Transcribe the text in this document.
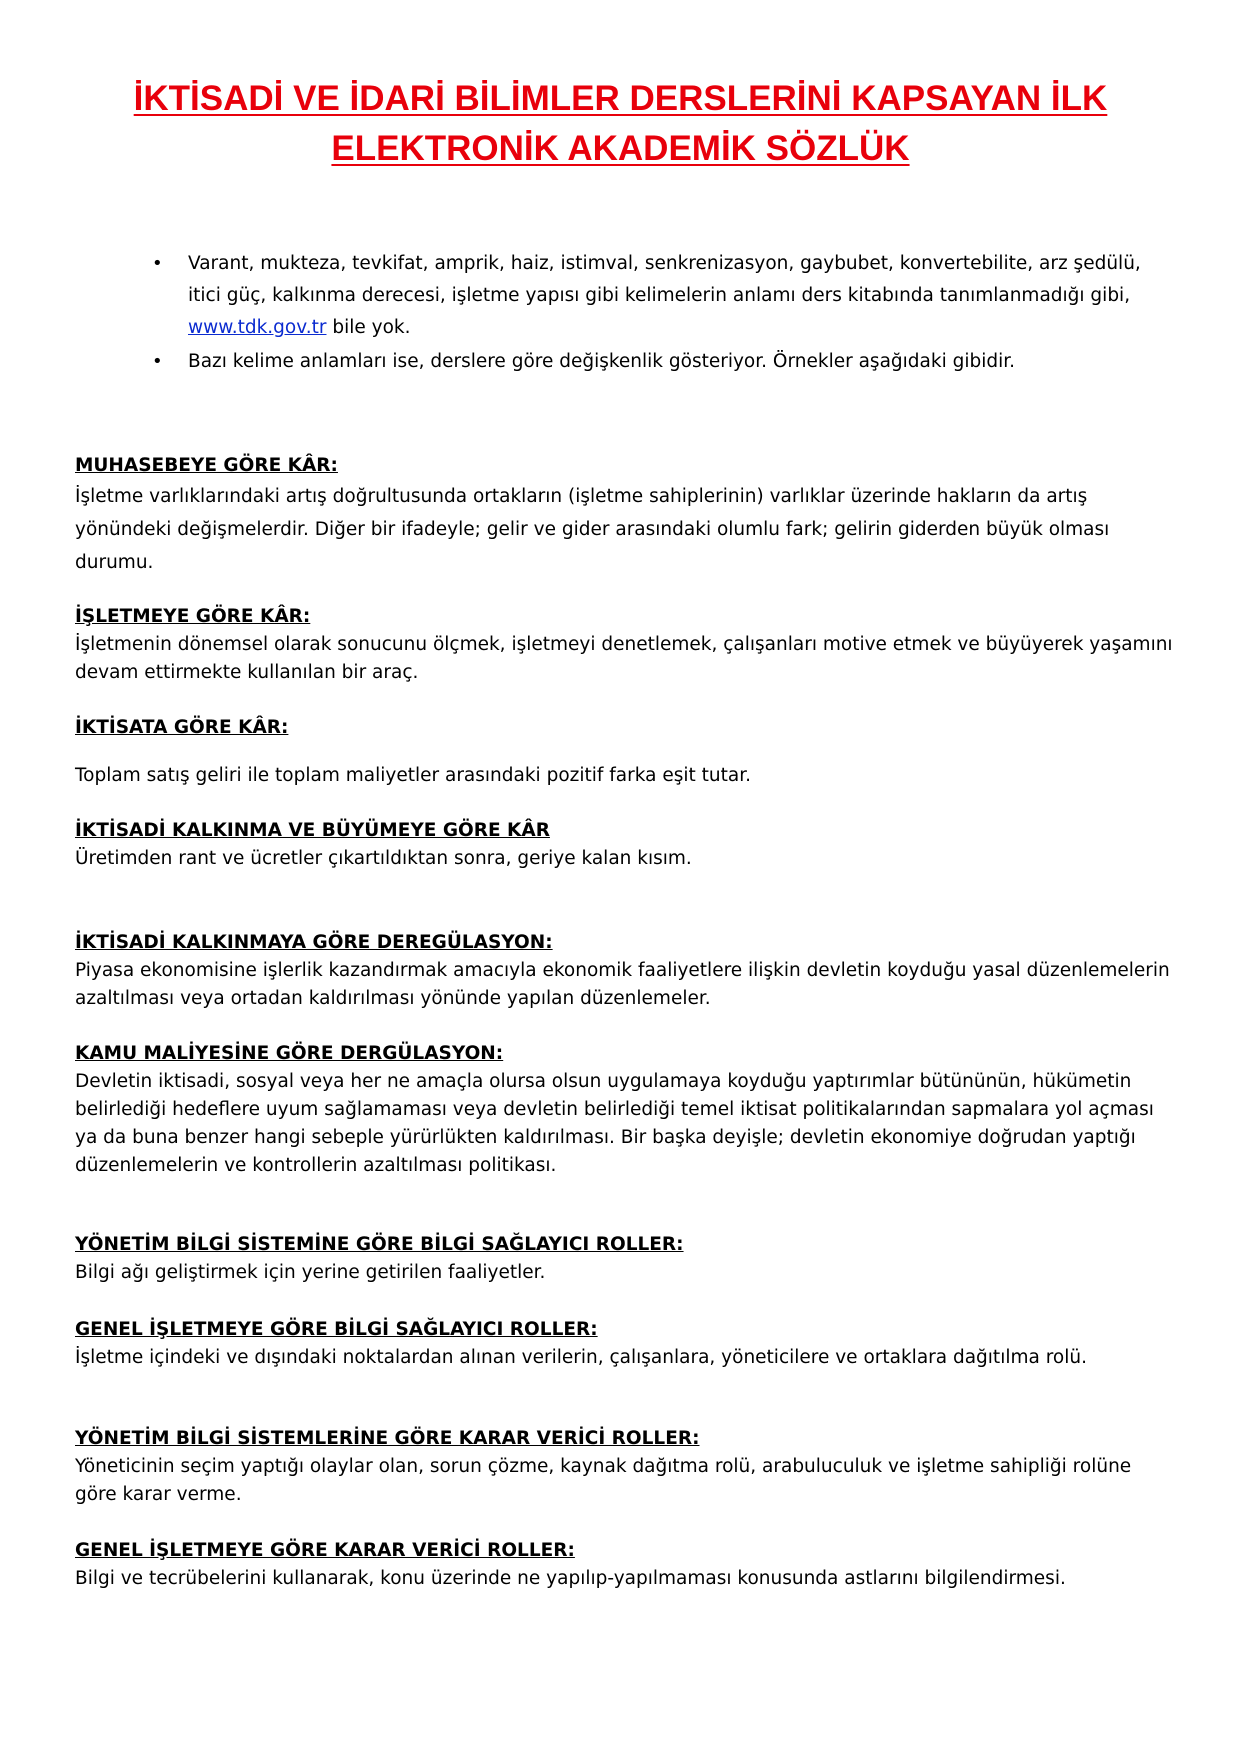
İKTİSADİ VE İDARİ BİLİMLER DERSLERİNİ KAPSAYAN İLK
ELEKTRONİK AKADEMİK SÖZLÜK
• Varant, mukteza, tevkifat, amprik, haiz, istimval, senkrenizasyon, gaybubet, konvertebilite, arz şedülü, itici güç, kalkınma derecesi, işletme yapısı gibi kelimelerin anlamı ders kitabında tanımlanmadığı gibi, www.tdk.gov.tr bile yok.
• Bazı kelime anlamları ise, derslere göre değişkenlik gösteriyor. Örnekler aşağıdaki gibidir.
MUHASEBEYE GÖRE KÂR:
İşletme varlıklarındaki artış doğrultusunda ortakların (işletme sahiplerinin) varlıklar üzerinde hakların da artış yönündeki değişmelerdir. Diğer bir ifadeyle; gelir ve gider arasındaki olumlu fark; gelirin giderden büyük olması durumu.
İŞLETMEYE GÖRE KÂR:
İşletmenin dönemsel olarak sonucunu ölçmek, işletmeyi denetlemek, çalışanları motive etmek ve büyüyerek yaşamını devam ettirmekte kullanılan bir araç.
İKTİSATA GÖRE KÂR:
Toplam satış geliri ile toplam maliyetler arasındaki pozitif farka eşit tutar.
İKTİSADİ KALKINMA VE BÜYÜMEYE GÖRE KÂR
Üretimden rant ve ücretler çıkartıldıktan sonra, geriye kalan kısım.
İKTİSADİ KALKINMAYA GÖRE DEREGÜLASYON:
Piyasa ekonomisine işlerlik kazandırmak amacıyla ekonomik faaliyetlere ilişkin devletin koyduğu yasal düzenlemelerin azaltılması veya ortadan kaldırılması yönünde yapılan düzenlemeler.
KAMU MALİYESİNE GÖRE DERGÜLASYON:
Devletin iktisadi, sosyal veya her ne amaçla olursa olsun uygulamaya koyduğu yaptırımlar bütününün, hükümetin belirlediği hedeflere uyum sağlamaması veya devletin belirlediği temel iktisat politikalarından sapmalara yol açması ya da buna benzer hangi sebeple yürürlükten kaldırılması. Bir başka deyişle; devletin ekonomiye doğrudan yaptığı düzenlemelerin ve kontrollerin azaltılması politikası.
YÖNETİM BİLGİ SİSTEMİNE GÖRE BİLGİ SAĞLAYICI ROLLER:
Bilgi ağı geliştirmek için yerine getirilen faaliyetler.
GENEL İŞLETMEYE GÖRE BİLGİ SAĞLAYICI ROLLER:
İşletme içindeki ve dışındaki noktalardan alınan verilerin, çalışanlara, yöneticilere ve ortaklara dağıtılma rolü.
YÖNETİM BİLGİ SİSTEMLERİNE GÖRE KARAR VERİCİ ROLLER:
Yöneticinin seçim yaptığı olaylar olan, sorun çözme, kaynak dağıtma rolü, arabuluculuk ve işletme sahipliği rolüne göre karar verme.
GENEL İŞLETMEYE GÖRE KARAR VERİCİ ROLLER:
Bilgi ve tecrübelerini kullanarak, konu üzerinde ne yapılıp-yapılmaması konusunda astlarını bilgilendirmesi.
